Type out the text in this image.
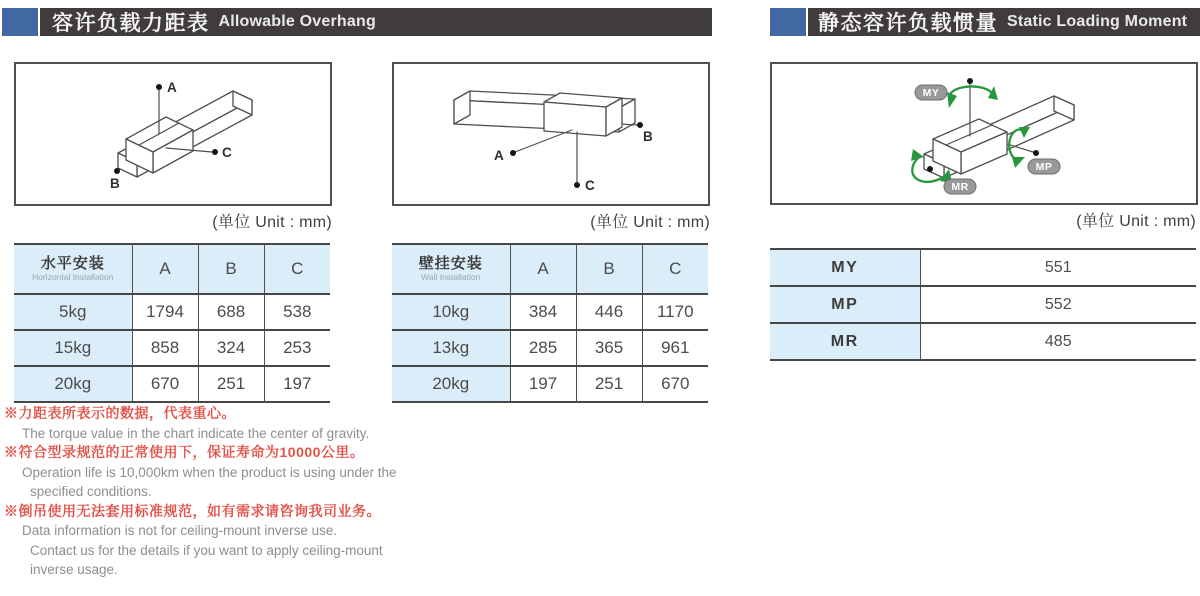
容许负载力距表 Allowable Overhang	静态容许负载惯量 Static Loading Moment
A
C
B
(单位 Unit : mm)
A
C
B
(单位 Unit : mm)
MY
MP
MR
(单位 Unit : mm)
水平安装
Horizontal Installation	A	B	C
5kg	1794	688	538
15kg	858	324	253
20kg	670	251	197
壁挂安装
Wall Installation	A	B	C
10kg	384	446	1170
13kg	285	365	961
20kg	197	251	670
MY	551
MP	552
MR	485
※力距表所表示的数据，代表重心。
The torque value in the chart indicate the center of gravity.
※符合型录规范的正常使用下，保证寿命为10000公里。
Operation life is 10,000km when the product is using under the
specified conditions.
※倒吊使用无法套用标准规范，如有需求请咨询我司业务。
Data information is not for ceiling-mount inverse use.
Contact us for the details if you want to apply ceiling-mount
inverse usage.
